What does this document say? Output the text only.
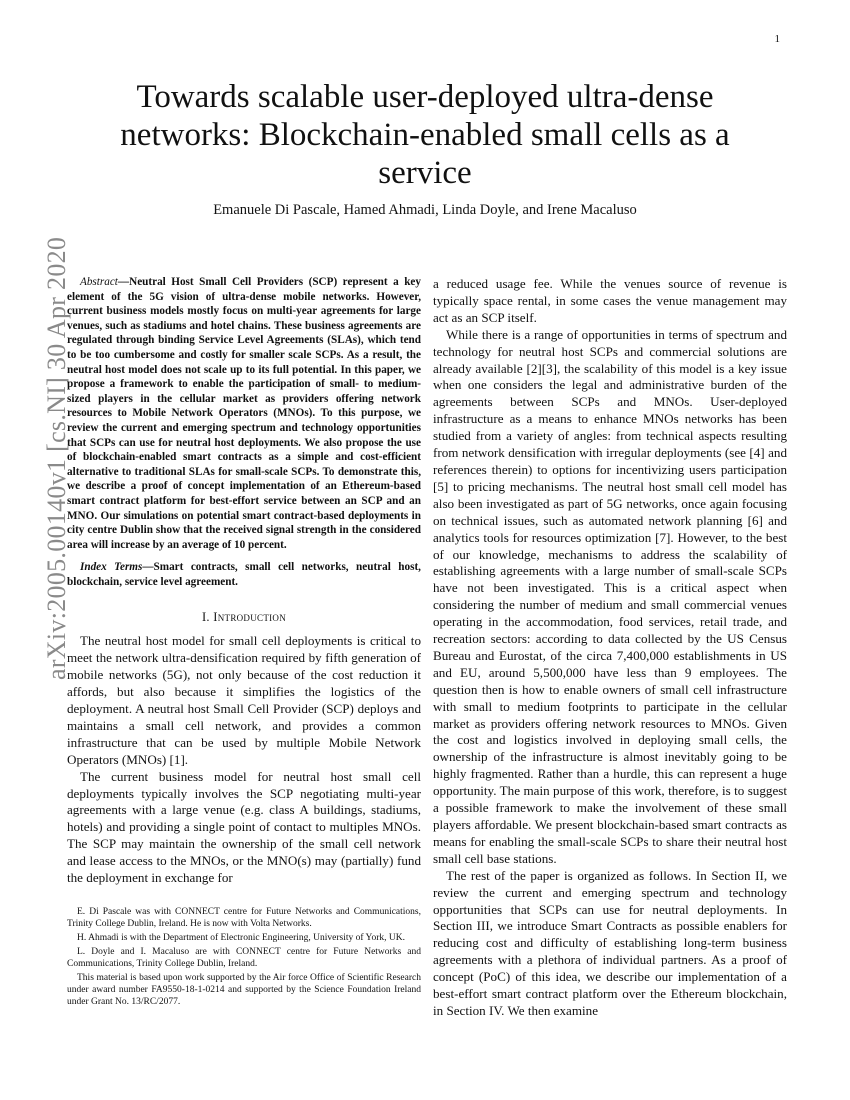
1
arXiv:2005.00140v1 [cs.NI] 30 Apr 2020
Towards scalable user-deployed ultra-dense networks: Blockchain-enabled small cells as a service
Emanuele Di Pascale, Hamed Ahmadi, Linda Doyle, and Irene Macaluso

Abstract—Neutral Host Small Cell Providers (SCP) represent a key element of the 5G vision of ultra-dense mobile networks. However, current business models mostly focus on multi-year agreements for large venues, such as stadiums and hotel chains. These business agreements are regulated through binding Service Level Agreements (SLAs), which tend to be too cumbersome and costly for smaller scale SCPs. As a result, the neutral host model does not scale up to its full potential. In this paper, we propose a framework to enable the participation of small- to medium-sized players in the cellular market as providers offering network resources to Mobile Network Operators (MNOs). To this purpose, we review the current and emerging spectrum and technology opportunities that SCPs can use for neutral host deployments. We also propose the use of blockchain-enabled smart contracts as a simple and cost-efficient alternative to traditional SLAs for small-scale SCPs. To demonstrate this, we describe a proof of concept implementation of an Ethereum-based smart contract platform for best-effort service between an SCP and an MNO. Our simulations on potential smart contract-based deployments in city centre Dublin show that the received signal strength in the considered area will increase by an average of 10 percent.

Index Terms—Smart contracts, small cell networks, neutral host, blockchain, service level agreement.

I. Introduction

The neutral host model for small cell deployments is critical to meet the network ultra-densification required by fifth generation of mobile networks (5G), not only because of the cost reduction it affords, but also because it simplifies the logistics of the deployment. A neutral host Small Cell Provider (SCP) deploys and maintains a small cell network, and provides a common infrastructure that can be used by multiple Mobile Network Operators (MNOs) [1].

The current business model for neutral host small cell deployments typically involves the SCP negotiating multi-year agreements with a large venue (e.g. class A buildings, stadiums, hotels) and providing a single point of contact to multiples MNOs. The SCP may maintain the ownership of the small cell network and lease access to the MNOs, or the MNO(s) may (partially) fund the deployment in exchange for

E. Di Pascale was with CONNECT centre for Future Networks and Communications, Trinity College Dublin, Ireland. He is now with Volta Networks.

H. Ahmadi is with the Department of Electronic Engineering, University of York, UK.

L. Doyle and I. Macaluso are with CONNECT centre for Future Networks and Communications, Trinity College Dublin, Ireland.

This material is based upon work supported by the Air force Office of Scientific Research under award number FA9550-18-1-0214 and supported by the Science Foundation Ireland under Grant No. 13/RC/2077.

a reduced usage fee. While the venues source of revenue is typically space rental, in some cases the venue management may act as an SCP itself.

While there is a range of opportunities in terms of spectrum and technology for neutral host SCPs and commercial solutions are already available [2][3], the scalability of this model is a key issue when one considers the legal and administrative burden of the agreements between SCPs and MNOs. User-deployed infrastructure as a means to enhance MNOs networks has been studied from a variety of angles: from technical aspects resulting from network densification with irregular deployments (see [4] and references therein) to options for incentivizing users participation [5] to pricing mechanisms. The neutral host small cell model has also been investigated as part of 5G networks, once again focusing on technical issues, such as automated network planning [6] and analytics tools for resources optimization [7]. However, to the best of our knowledge, mechanisms to address the scalability of establishing agreements with a large number of small-scale SCPs have not been investigated. This is a critical aspect when considering the number of medium and small commercial venues operating in the accommodation, food services, retail trade, and recreation sectors: according to data collected by the US Census Bureau and Eurostat, of the circa 7,400,000 establishments in US and EU, around 5,500,000 have less than 9 employees. The question then is how to enable owners of small cell infrastructure with small to medium footprints to participate in the cellular market as providers offering network resources to MNOs. Given the cost and logistics involved in deploying small cells, the ownership of the infrastructure is almost inevitably going to be highly fragmented. Rather than a hurdle, this can represent a huge opportunity. The main purpose of this work, therefore, is to suggest a possible framework to make the involvement of these small players affordable. We present blockchain-based smart contracts as means for enabling the small-scale SCPs to share their neutral host small cell base stations.

The rest of the paper is organized as follows. In Section II, we review the current and emerging spectrum and technology opportunities that SCPs can use for neutral deployments. In Section III, we introduce Smart Contracts as possible enablers for reducing cost and difficulty of establishing long-term business agreements with a plethora of individual partners. As a proof of concept (PoC) of this idea, we describe our implementation of a best-effort smart contract platform over the Ethereum blockchain, in Section IV. We then examine
